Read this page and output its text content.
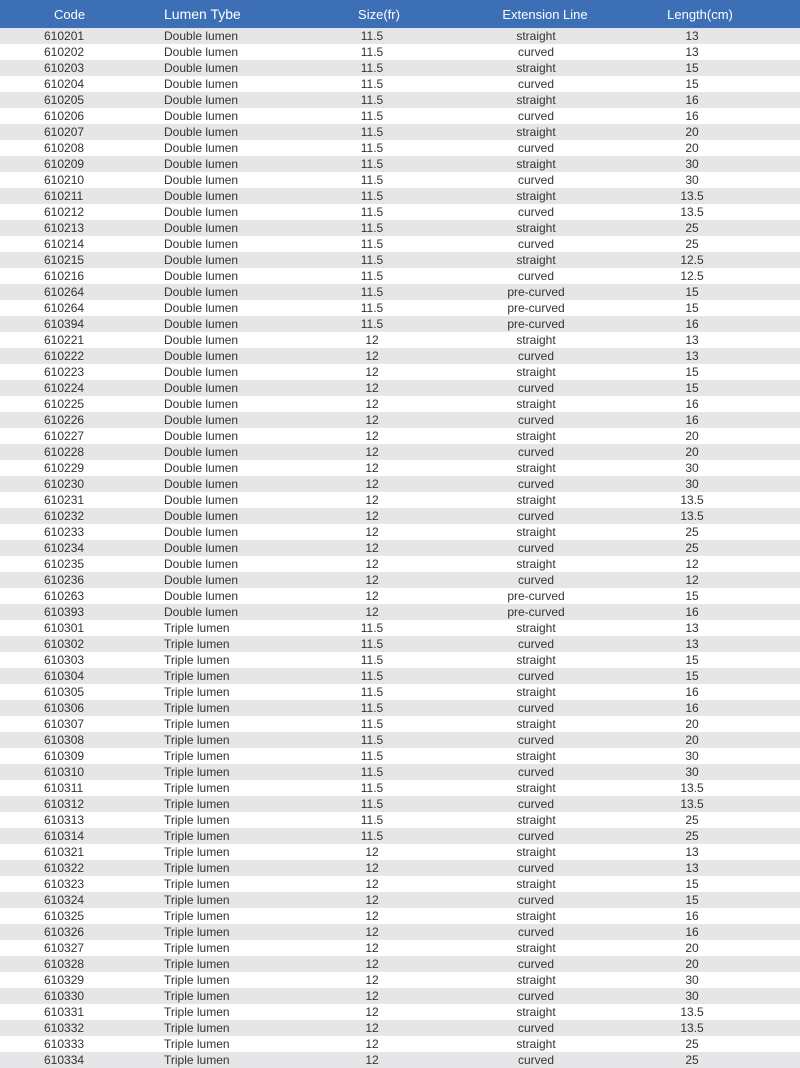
Code	Lumen Tybe	Size(fr)	Extension Line	Length(cm)
610201	Double lumen	11.5	straight	13
610202	Double lumen	11.5	curved	13
610203	Double lumen	11.5	straight	15
610204	Double lumen	11.5	curved	15
610205	Double lumen	11.5	straight	16
610206	Double lumen	11.5	curved	16
610207	Double lumen	11.5	straight	20
610208	Double lumen	11.5	curved	20
610209	Double lumen	11.5	straight	30
610210	Double lumen	11.5	curved	30
610211	Double lumen	11.5	straight	13.5
610212	Double lumen	11.5	curved	13.5
610213	Double lumen	11.5	straight	25
610214	Double lumen	11.5	curved	25
610215	Double lumen	11.5	straight	12.5
610216	Double lumen	11.5	curved	12.5
610264	Double lumen	11.5	pre-curved	15
610264	Double lumen	11.5	pre-curved	15
610394	Double lumen	11.5	pre-curved	16
610221	Double lumen	12	straight	13
610222	Double lumen	12	curved	13
610223	Double lumen	12	straight	15
610224	Double lumen	12	curved	15
610225	Double lumen	12	straight	16
610226	Double lumen	12	curved	16
610227	Double lumen	12	straight	20
610228	Double lumen	12	curved	20
610229	Double lumen	12	straight	30
610230	Double lumen	12	curved	30
610231	Double lumen	12	straight	13.5
610232	Double lumen	12	curved	13.5
610233	Double lumen	12	straight	25
610234	Double lumen	12	curved	25
610235	Double lumen	12	straight	12
610236	Double lumen	12	curved	12
610263	Double lumen	12	pre-curved	15
610393	Double lumen	12	pre-curved	16
610301	Triple lumen	11.5	straight	13
610302	Triple lumen	11.5	curved	13
610303	Triple lumen	11.5	straight	15
610304	Triple lumen	11.5	curved	15
610305	Triple lumen	11.5	straight	16
610306	Triple lumen	11.5	curved	16
610307	Triple lumen	11.5	straight	20
610308	Triple lumen	11.5	curved	20
610309	Triple lumen	11.5	straight	30
610310	Triple lumen	11.5	curved	30
610311	Triple lumen	11.5	straight	13.5
610312	Triple lumen	11.5	curved	13.5
610313	Triple lumen	11.5	straight	25
610314	Triple lumen	11.5	curved	25
610321	Triple lumen	12	straight	13
610322	Triple lumen	12	curved	13
610323	Triple lumen	12	straight	15
610324	Triple lumen	12	curved	15
610325	Triple lumen	12	straight	16
610326	Triple lumen	12	curved	16
610327	Triple lumen	12	straight	20
610328	Triple lumen	12	curved	20
610329	Triple lumen	12	straight	30
610330	Triple lumen	12	curved	30
610331	Triple lumen	12	straight	13.5
610332	Triple lumen	12	curved	13.5
610333	Triple lumen	12	straight	25
610334	Triple lumen	12	curved	25
